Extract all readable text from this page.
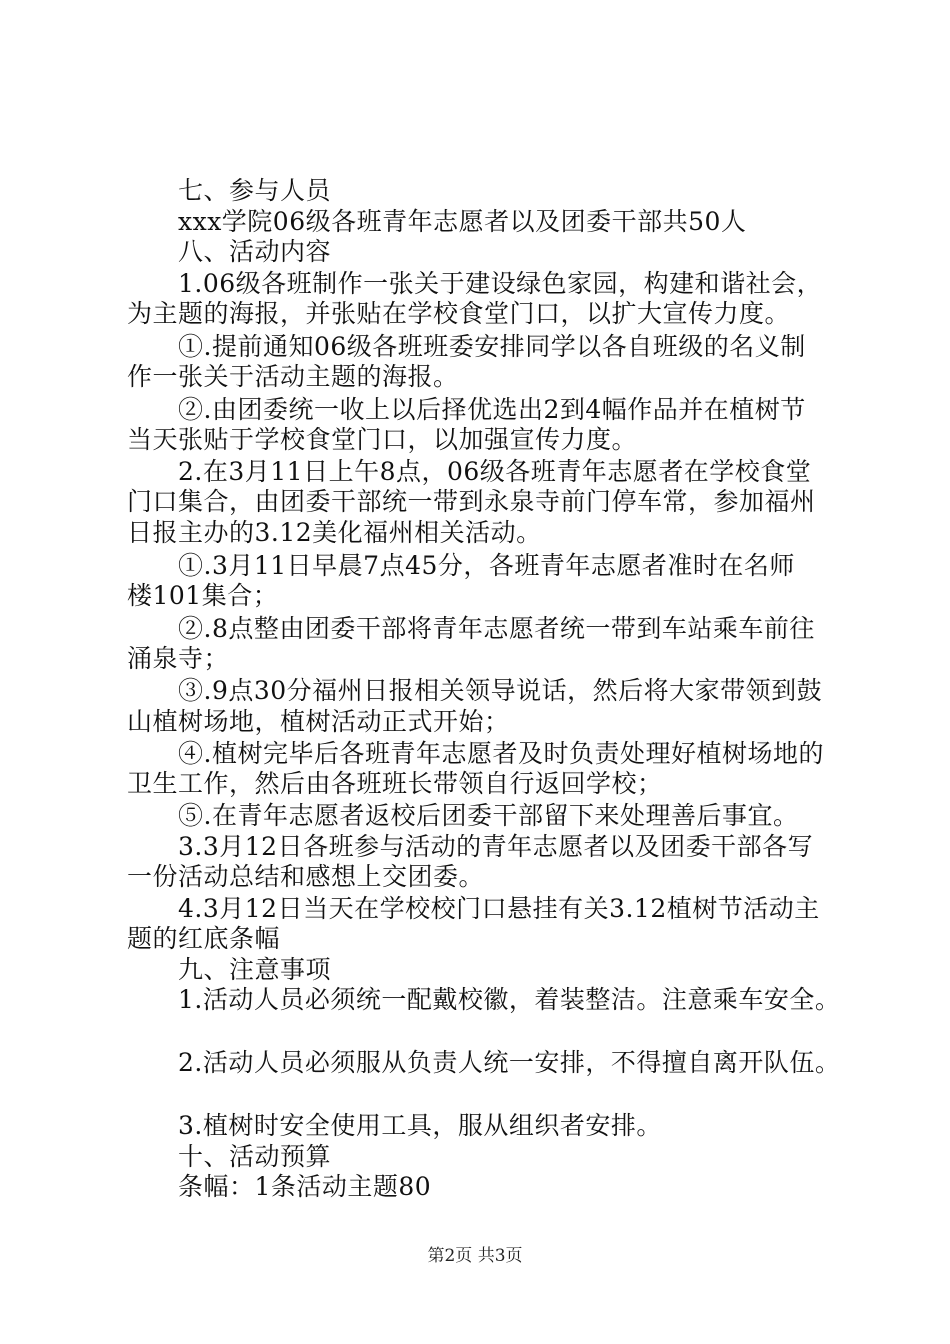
七、参与人员
xxx学院06级各班青年志愿者以及团委干部共50人
八、活动内容
1.06级各班制作一张关于建设绿色家园，构建和谐社会，
为主题的海报，并张贴在学校食堂门口，以扩大宣传力度。
①.提前通知06级各班班委安排同学以各自班级的名义制
作一张关于活动主题的海报。
②.由团委统一收上以后择优选出2到4幅作品并在植树节
当天张贴于学校食堂门口，以加强宣传力度。
2.在3月11日上午8点，06级各班青年志愿者在学校食堂
门口集合，由团委干部统一带到永泉寺前门停车常，参加福州
日报主办的3.12美化福州相关活动。
①.3月11日早晨7点45分，各班青年志愿者准时在名师
楼101集合；
②.8点整由团委干部将青年志愿者统一带到车站乘车前往
涌泉寺；
③.9点30分福州日报相关领导说话，然后将大家带领到鼓
山植树场地，植树活动正式开始；
④.植树完毕后各班青年志愿者及时负责处理好植树场地的
卫生工作，然后由各班班长带领自行返回学校；
⑤.在青年志愿者返校后团委干部留下来处理善后事宜。
3.3月12日各班参与活动的青年志愿者以及团委干部各写
一份活动总结和感想上交团委。
4.3月12日当天在学校校门口悬挂有关3.12植树节活动主
题的红底条幅
九、注意事项
1.活动人员必须统一配戴校徽，着装整洁。注意乘车安全。
2.活动人员必须服从负责人统一安排，不得擅自离开队伍。
3.植树时安全使用工具，服从组织者安排。
十、活动预算
条幅：1条活动主题80
第2页 共3页
